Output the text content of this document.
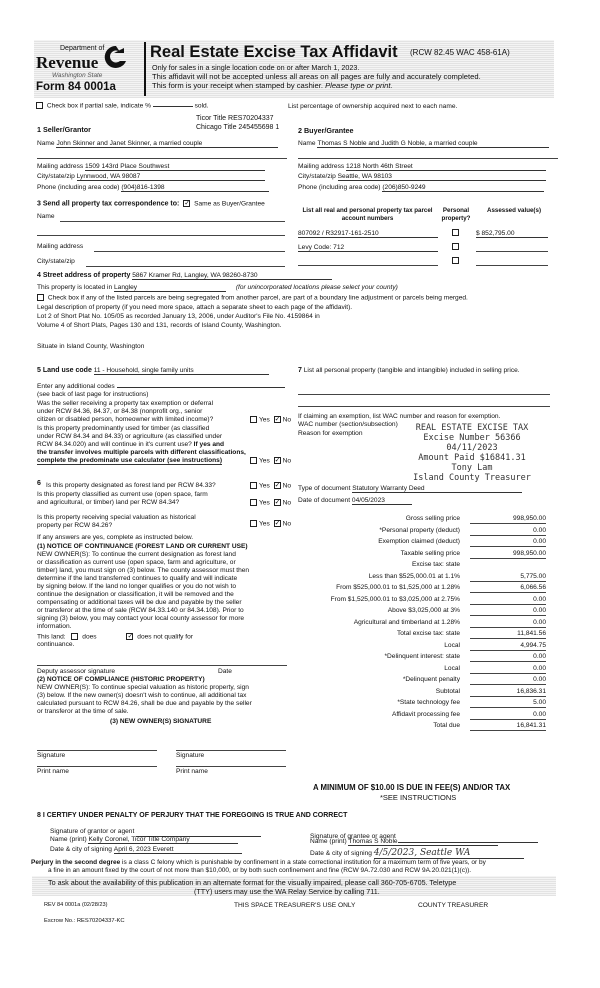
Department of
Revenue
Washington State
Form 84 0001a
Real Estate Excise Tax Affidavit (RCW 82.45 WAC 458-61A)
Only for sales in a single location code on or after March 1, 2023.
This affidavit will not be accepted unless all areas on all pages are fully and accurately completed.
This form is your receipt when stamped by cashier. Please type or print.
Check box if partial sale, indicate %	sold.	List percentage of ownership acquired next to each name.
Ticor Title RES70204337
Chicago Title 245455698 1
1 Seller/Grantor
Name John Skinner and Janet Skinner, a married couple
Mailing address 1509 143rd Place Southwest
City/state/zip Lynnwood, WA 98087
Phone (including area code) (904)816-1398
2 Buyer/Grantee
Name Thomas S Noble and Judith G Noble, a married couple
Mailing address 1218 North 46th Street
City/state/zip Seattle, WA 98103
Phone (including area code) (206)850-9249
3 Send all property tax correspondence to: ✓ Same as Buyer/Grantee
Name
Mailing address
City/state/zip
List all real and personal property tax parcel account numbers
Personal property?
Assessed value(s)
807092 / R32917-161-2510	$ 852,795.00
Levy Code: 712
4 Street address of property 5867 Kramer Rd, Langley, WA 98260-8730
This property is located in Langley	(for unincorporated locations please select your county)
Check box if any of the listed parcels are being segregated from another parcel, are part of a boundary line adjustment or parcels being merged.
Legal description of property (if you need more space, attach a separate sheet to each page of the affidavit).
Lot 2 of Short Plat No. 105/05 as recorded January 13, 2006, under Auditor's File No. 4159864 in
Volume 4 of Short Plats, Pages 130 and 131, records of Island County, Washington.
Situate in Island County, Washington
5 Land use code 11 - Household, single family units
Enter any additional codes
(see back of last page for instructions)
Was the seller receiving a property tax exemption or deferral
under RCW 84.36, 84.37, or 84.38 (nonprofit org., senior
citizen or disabled person, homeowner with limited income)?	Yes ✓ No
Is this property predominantly used for timber (as classified
under RCW 84.34 and 84.33) or agriculture (as classified under
RCW 84.34.020) and will continue in it's current use? If yes and
the transfer involves multiple parcels with different classifications,
complete the predominate use calculator (see instructions)	Yes ✓ No
6 Is this property designated as forest land per RCW 84.33?	Yes ✓ No
Is this property classified as current use (open space, farm
and agricultural, or timber) land per RCW 84.34?	Yes ✓ No
Is this property receiving special valuation as historical
property per RCW 84.26?	Yes ✓ No
If any answers are yes, complete as instructed below.
(1) NOTICE OF CONTINUANCE (FOREST LAND OR CURRENT USE)
NEW OWNER(S): To continue the current designation as forest land
or classification as current use (open space, farm and agriculture, or
timber) land, you must sign on (3) below. The county assessor must then
determine if the land transferred continues to qualify and will indicate
by signing below. If the land no longer qualifies or you do not wish to
continue the designation or classification, it will be removed and the
compensating or additional taxes will be due and payable by the seller
or transferor at the time of sale (RCW 84.33.140 or 84.34.108). Prior to
signing (3) below, you may contact your local county assessor for more
information.
This land:	does	✓ does not qualify for
continuance.
Deputy assessor signature	Date
(2) NOTICE OF COMPLIANCE (HISTORIC PROPERTY)
NEW OWNER(S): To continue special valuation as historic property, sign
(3) below. If the new owner(s) doesn't wish to continue, all additional tax
calculated pursuant to RCW 84.26, shall be due and payable by the seller
or transferor at the time of sale.
(3) NEW OWNER(S) SIGNATURE
Signature	Signature
Print name	Print name
7 List all personal property (tangible and intangible) included in selling price.
If claiming an exemption, list WAC number and reason for exemption.
WAC number (section/subsection)
Reason for exemption
REAL ESTATE EXCISE TAX
Excise Number 56366
04/11/2023
Amount Paid $16841.31
Tony Lam
Island County Treasurer
Type of document Statutory Warranty Deed
Date of document 04/05/2023
Gross selling price	998,950.00
*Personal property (deduct)	0.00
Exemption claimed (deduct)	0.00
Taxable selling price	998,950.00
Excise tax: state
Less than $525,000.01 at 1.1%	5,775.00
From $525,000.01 to $1,525,000 at 1.28%	6,066.56
From $1,525,000.01 to $3,025,000 at 2.75%	0.00
Above $3,025,000 at 3%	0.00
Agricultural and timberland at 1.28%	0.00
Total excise tax: state	11,841.56
Local	4,994.75
*Delinquent interest: state	0.00
Local	0.00
*Delinquent penalty	0.00
Subtotal	16,836.31
*State technology fee	5.00
Affidavit processing fee	0.00
Total due	16,841.31
A MINIMUM OF $10.00 IS DUE IN FEE(S) AND/OR TAX
*SEE INSTRUCTIONS
8 I CERTIFY UNDER PENALTY OF PERJURY THAT THE FOREGOING IS TRUE AND CORRECT
Signature of grantor or agent
Name (print) Kelly Coronel, Ticor Title Company
Date & city of signing April 6, 2023 Everett
Signature of grantee or agent
Name (print) Thomas S Noble
Date & city of signing 4/5/2023, Seattle WA
Perjury in the second degree is a class C felony which is punishable by confinement in a state correctional institution for a maximum term of five years, or by
a fine in an amount fixed by the court of not more than $10,000, or by both such confinement and fine (RCW 9A.72.030 and RCW 9A.20.021(1)(c)).
To ask about the availability of this publication in an alternate format for the visually impaired, please call 360-705-6705. Teletype
(TTY) users may use the WA Relay Service by calling 711.
REV 84 0001a (02/28/23)	THIS SPACE TREASURER'S USE ONLY	COUNTY TREASURER
Escrow No.: RES70204337-KC
